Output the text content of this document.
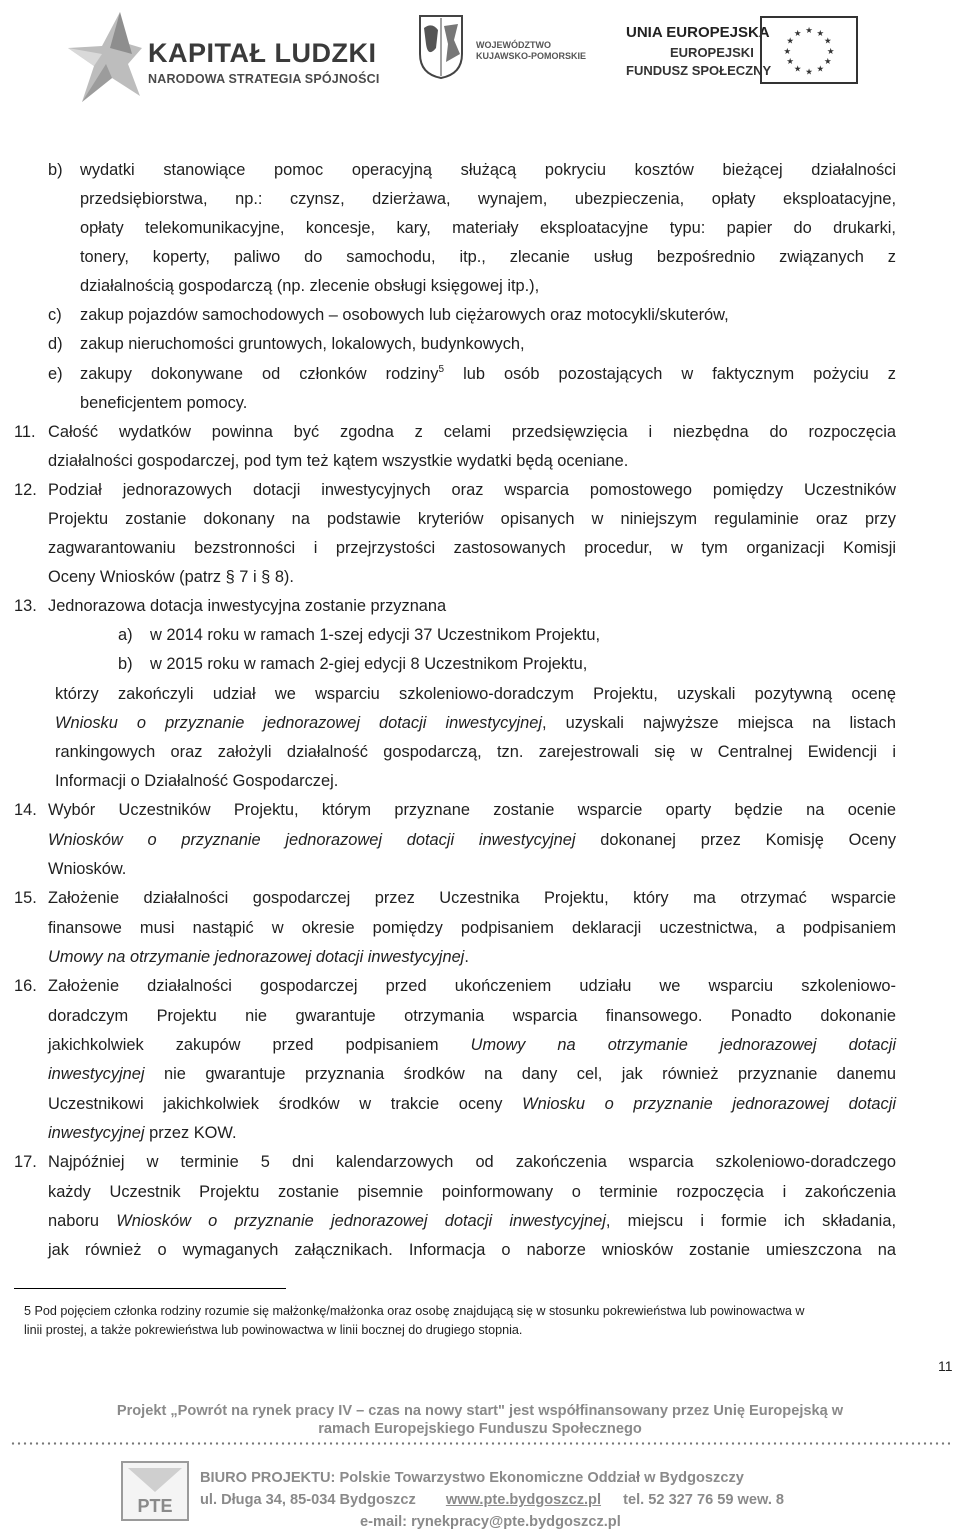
KAPITAŁ LUDZKI
NARODOWA STRATEGIA SPÓJNOŚCI
WOJEWÓDZTWO
KUJAWSKO-POMORSKIE
UNIA EUROPEJSKA
EUROPEJSKI
FUNDUSZ SPOŁECZNY
★ ★
★
★
★
★
★
★
★
★
★
★
b) wydatki stanowiące pomoc operacyjną służącą pokryciu kosztów bieżącej działalności
przedsiębiorstwa, np.: czynsz, dzierżawa, wynajem, ubezpieczenia, opłaty eksploatacyjne,
opłaty telekomunikacyjne, koncesje, kary, materiały eksploatacyjne typu: papier do drukarki,
tonery, koperty, paliwo do samochodu, itp., zlecanie usług bezpośrednio związanych z
działalnością gospodarczą (np. zlecenie obsługi księgowej itp.),
c) zakup pojazdów samochodowych – osobowych lub ciężarowych oraz motocykli/skuterów,
d) zakup nieruchomości gruntowych, lokalowych, budynkowych,
e) zakupy dokonywane od członków rodziny$^5$ lub osób pozostających w faktycznym pożyciu z
beneficjentem pomocy.
11. Całość wydatków powinna być zgodna z celami przedsięwzięcia i niezbędna do rozpoczęcia
działalności gospodarczej, pod tym też kątem wszystkie wydatki będą oceniane.
12. Podział jednorazowych dotacji inwestycyjnych oraz wsparcia pomostowego pomiędzy Uczestników
Projektu zostanie dokonany na podstawie kryteriów opisanych w niniejszym regulaminie oraz przy
zagwarantowaniu bezstronności i przejrzystości zastosowanych procedur, w tym organizacji Komisji
Oceny Wniosków (patrz § 7 i § 8).
13. Jednorazowa dotacja inwestycyjna zostanie przyznana
a) w 2014 roku w ramach 1-szej edycji 37 Uczestnikom Projektu,
b) w 2015 roku w ramach 2-giej edycji 8 Uczestnikom Projektu,
którzy zakończyli udział we wsparciu szkoleniowo-doradczym Projektu, uzyskali pozytywną ocenę
Wniosku o przyznanie jednorazowej dotacji inwestycyjnej, uzyskali najwyższe miejsca na listach
rankingowych oraz założyli działalność gospodarczą, tzn. zarejestrowali się w Centralnej Ewidencji i
Informacji o Działalność Gospodarczej.
14. Wybór Uczestników Projektu, którym przyznane zostanie wsparcie oparty będzie na ocenie
Wniosków o przyznanie jednorazowej dotacji inwestycyjnej dokonanej przez Komisję Oceny
Wniosków.
15. Założenie działalności gospodarczej przez Uczestnika Projektu, który ma otrzymać wsparcie
finansowe musi nastąpić w okresie pomiędzy podpisaniem deklaracji uczestnictwa, a podpisaniem
Umowy na otrzymanie jednorazowej dotacji inwestycyjnej.
16. Założenie działalności gospodarczej przed ukończeniem udziału we wsparciu szkoleniowo-
doradczym Projektu nie gwarantuje otrzymania wsparcia finansowego. Ponadto dokonanie
jakichkolwiek zakupów przed podpisaniem Umowy na otrzymanie jednorazowej dotacji
inwestycyjnej nie gwarantuje przyznania środków na dany cel, jak również przyznanie danemu
Uczestnikowi jakichkolwiek środków w trakcie oceny Wniosku o przyznanie jednorazowej dotacji
inwestycyjnej przez KOW.
17. Najpóźniej w terminie 5 dni kalendarzowych od zakończenia wsparcia szkoleniowo-doradczego
każdy Uczestnik Projektu zostanie pisemnie poinformowany o terminie rozpoczęcia i zakończenia
naboru Wniosków o przyznanie jednorazowej dotacji inwestycyjnej, miejscu i formie ich składania,
jak również o wymaganych załącznikach. Informacja o naborze wniosków zostanie umieszczona na
5 Pod pojęciem członka rodziny rozumie się małżonkę/małżonka oraz osobę znajdującą się w stosunku pokrewieństwa lub powinowactwa w
linii prostej, a także pokrewieństwa lub powinowactwa w linii bocznej do drugiego stopnia.
11
Projekt „Powrót na rynek pracy IV – czas na nowy start" jest współfinansowany przez Unię Europejską w
ramach Europejskiego Funduszu Społecznego
PTE
BIURO PROJEKTU: Polskie Towarzystwo Ekonomiczne Oddział w Bydgoszczy
ul. Długa 34, 85-034 Bydgoszcz www.pte.bydgoszcz.pl tel. 52 327 76 59 wew. 8
e-mail: rynekpracy@pte.bydgoszcz.pl
